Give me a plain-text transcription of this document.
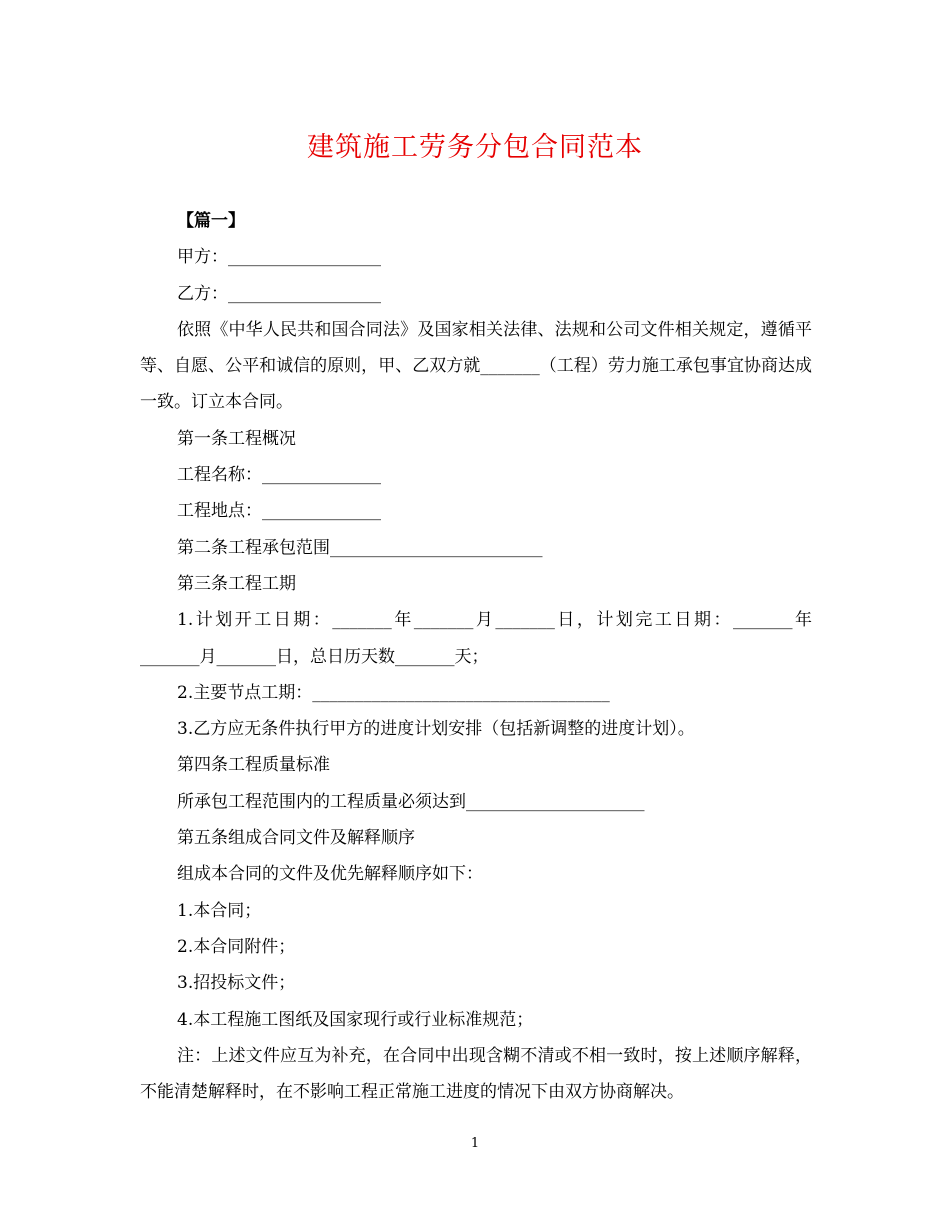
建筑施工劳务分包合同范本

【篇一】

甲方：__________________

乙方：__________________

依照《中华人民共和国合同法》及国家相关法律、法规和公司文件相关规定，遵循平等、自愿、公平和诚信的原则，甲、乙双方就_______（工程）劳力施工承包事宜协商达成一致。订立本合同。

第一条工程概况

工程名称：______________

工程地点：______________

第二条工程承包范围_________________________

第三条工程工期

1.计划开工日期：_______年_______月_______日，计划完工日期：_______年_______月_______日，总日历天数_______天；

2.主要节点工期：___________________________________

3.乙方应无条件执行甲方的进度计划安排（包括新调整的进度计划）。

第四条工程质量标准

所承包工程范围内的工程质量必须达到_____________________

第五条组成合同文件及解释顺序

组成本合同的文件及优先解释顺序如下：

1.本合同；

2.本合同附件；

3.招投标文件；

4.本工程施工图纸及国家现行或行业标准规范；

注：上述文件应互为补充，在合同中出现含糊不清或不相一致时，按上述顺序解释，不能清楚解释时，在不影响工程正常施工进度的情况下由双方协商解决。

1
